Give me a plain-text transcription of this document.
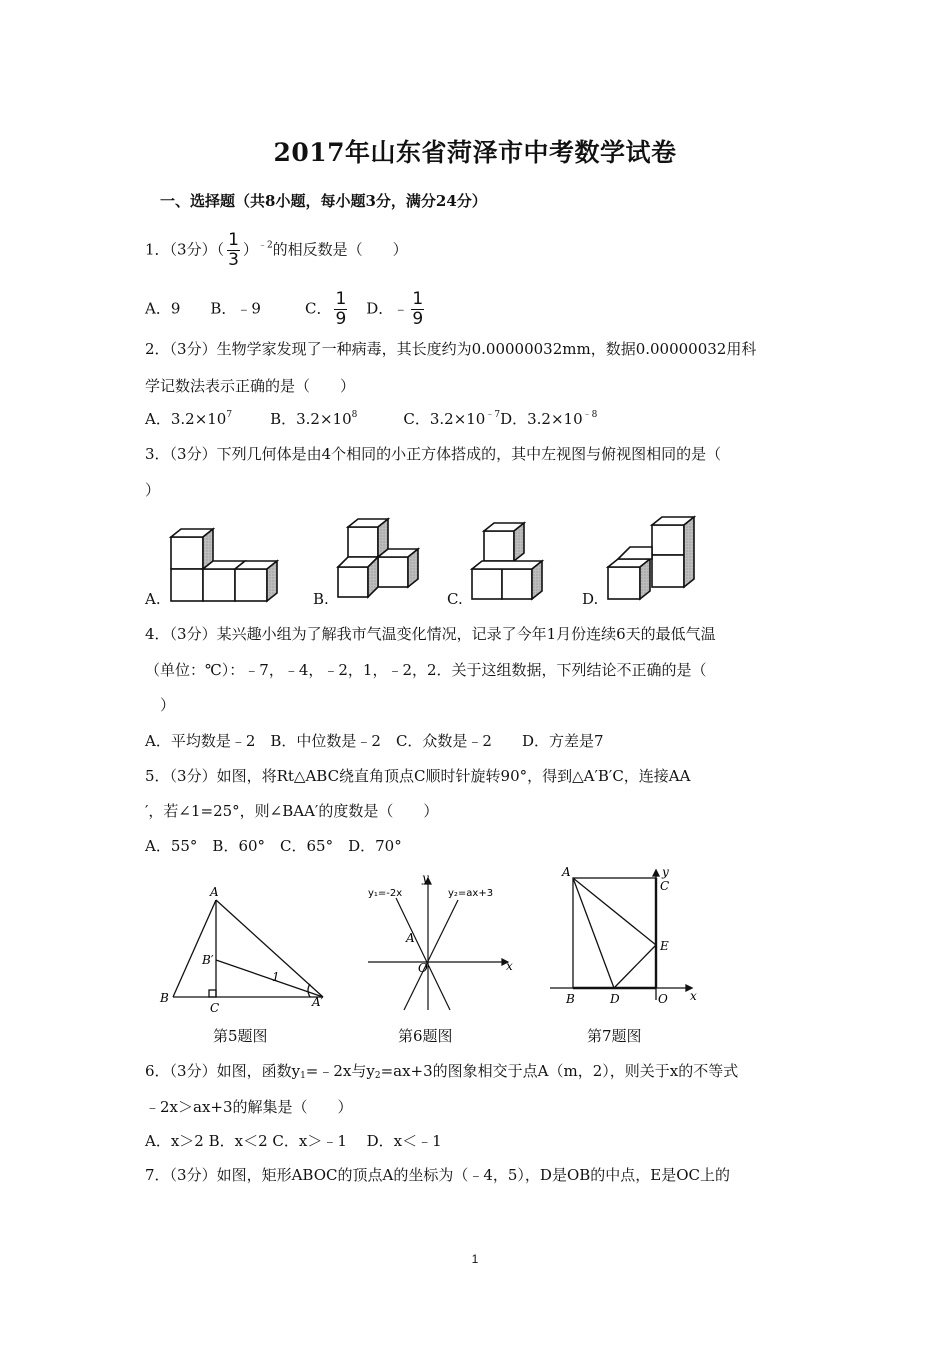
2017年山东省菏泽市中考数学试卷
一、选择题（共8小题，每小题3分，满分24分）
1．（3分）（ $\frac{1}{3} )^{﹣2}$的相反数是（　　）
A．9 B．﹣9	C． $\frac{1}{9}$ D．﹣ $\frac{1}{9}$
2．（3分）生物学家发现了一种病毒，其长度约为0.00000032mm，数据0.00000032用科
学记数法表示正确的是（　　）
A．$3.2\times 10^7$	B．$3.2\times 10^8$	C．$3.2\times 10^{﹣7}D$．$3.2\times 10^{﹣8}$
3．（3分）下列几何体是由4个相同的小正方体搭成的，其中左视图与俯视图相同的是（
）
A.	B.	C.	D.
4．（3分）某兴趣小组为了解我市气温变化情况，记录了今年1月份连续6天的最低气温
（单位：℃）：﹣7，﹣4，﹣2，1，﹣2，2．关于这组数据，下列结论不正确的是（
）
A．平均数是﹣2　B．中位数是﹣2　C．众数是﹣2　　D．方差是7
5．（3分）如图，将Rt△ABC绕直角顶点C顺时针旋转90°，得到△A′B′C，连接AA
′，若∠1=25°，则∠BAA′的度数是（　　）
A．55°　B．60°　C．65°　D．70°
A
B
C
B′
A′
1
第5题图
y₁=-2x	y₂=ax+3
y
x
A
O
第6题图
A
C
E
B	D	O x
y
第7题图
6．（3分）如图，函数$y_1=﹣2x$与$y_2=ax+3$的图象相交于点A（m，2），则关于x的不等式
﹣2x＞ax+3的解集是（　　）
A．x＞2 B．x＜2 C．x＞﹣1　 D．x＜﹣1
7．（3分）如图，矩形ABOC的顶点A的坐标为（﹣4，5），D是OB的中点，E是OC上的
1
